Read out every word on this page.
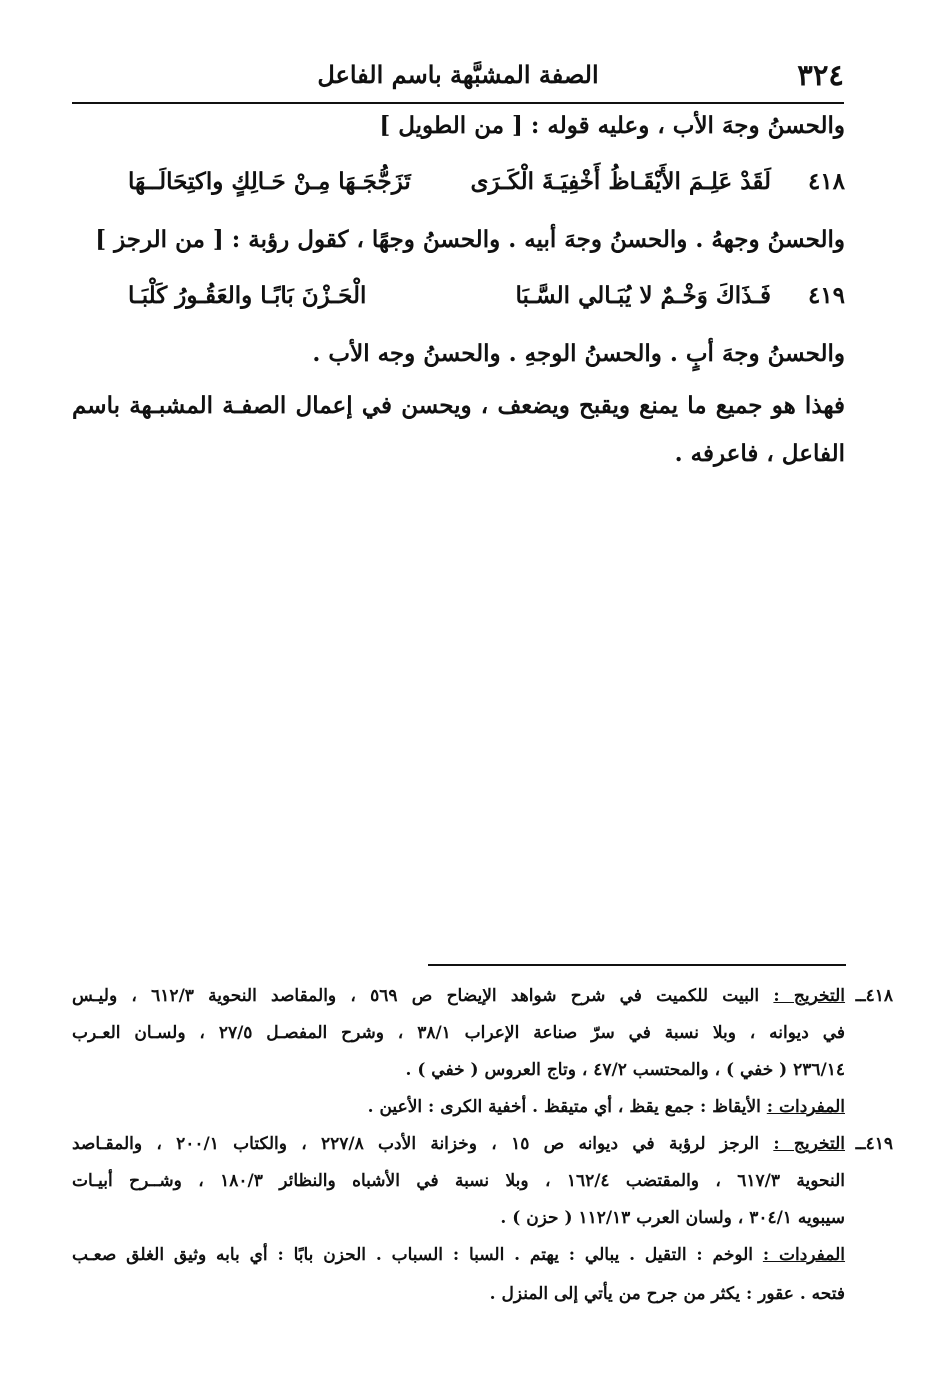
٣٢٤
الصفة المشبَّهة باسم الفاعل
والحسنُ وجهَ الأب ، وعليه قوله : [ من الطويل ]
٤١٨
لَقَدْ عَلِـمَ الأَيْقَـاظُ أَخْفِيَـةَ الْكَـرَى
تَزَجُّجَـهَا مِـنْ حَـالِكٍ واكتِحَالَــهَا
والحسنُ وجههُ . والحسنُ وجهَ أبيه . والحسنُ وجهًا ، كقول رؤبة : [ من الرجز ]
٤١٩
فَـذَاكَ وَخْـمٌ لا يُبَـالي السَّـبَا
الْحَـزْنَ بَابًـا والعَقُـورُ كَلْبَـا
والحسنُ وجهَ أبٍ . والحسنُ الوجهِ . والحسنُ وجه الأب .
فهذا هو جميع ما يمنع ويقبح ويضعف ، ويحسن في إعمال الصفـة المشبـهة باسم
الفاعل ، فاعرفه .
٤١٨ــ
التخريج : البيت للكميت في شرح شواهد الإيضاح ص ٥٦٩ ، والمقاصد النحوية ٦١٢/٣ ، وليـس
في ديوانه ، وبلا نسبة في سرّ صناعة الإعراب ٣٨/١ ، وشرح المفصـل ٢٧/٥ ، ولسـان العـرب
٢٣٦/١٤ ( خفي ) ، والمحتسب ٤٧/٢ ، وتاج العروس ( خفي ) .
المفردات : الأيقاظ : جمع يقظ ، أي متيقظ . أخفية الكرى : الأعين .
٤١٩ــ
التخريج : الرجز لرؤبة في ديوانه ص ١٥ ، وخزانة الأدب ٢٢٧/٨ ، والكتاب ٢٠٠/١ ، والمقـاصد
النحوية ٦١٧/٣ ، والمقتضب ١٦٢/٤ ، وبلا نسبة في الأشباه والنظائر ١٨٠/٣ ، وشــرح أبيـات
سيبويه ٣٠٤/١ ، ولسان العرب ١١٢/١٣ ( حزن ) .
المفردات : الوخم : التقيل . يبالي : يهتم . السبا : السباب . الحزن بابًا : أي بابه وثيق الغلق صعـب
فتحه . عقور : يكثر من جرح من يأتي إلى المنزل .
